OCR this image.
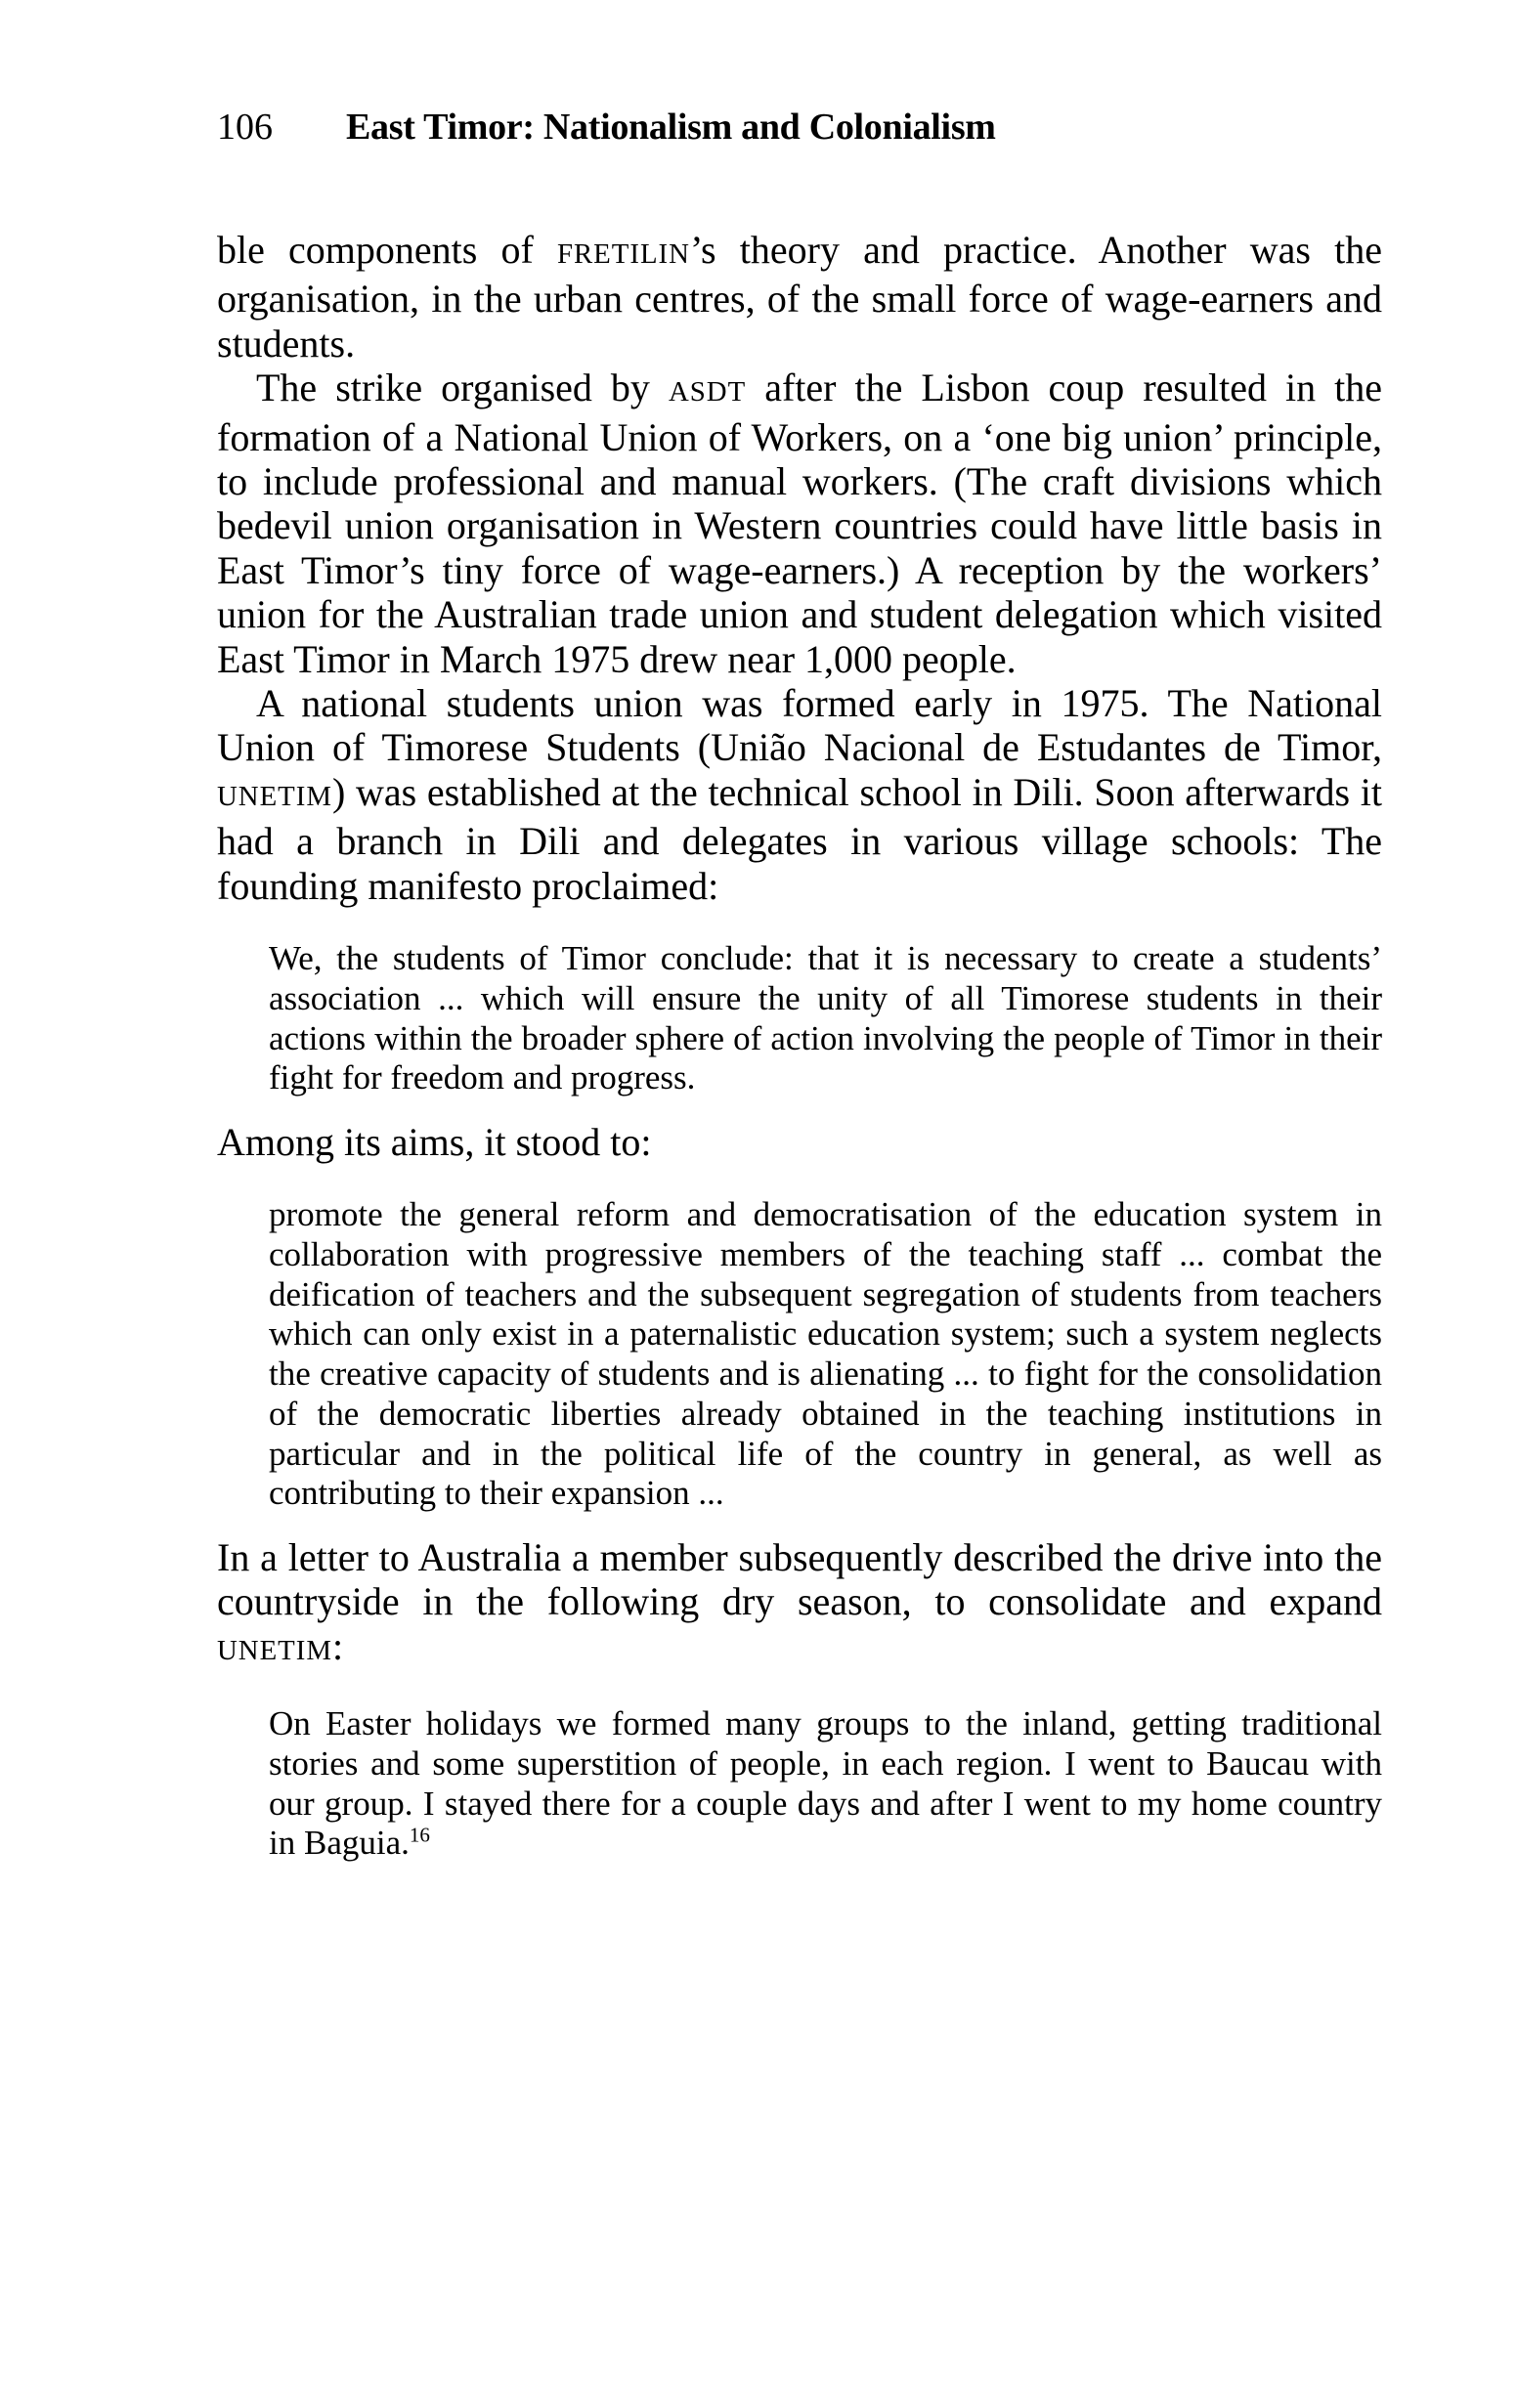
106 East Timor: Nationalism and Colonialism

ble components of FRETILIN’s theory and practice. Another was the organisation, in the urban centres, of the small force of wage-earners and students.

The strike organised by ASDT after the Lisbon coup resulted in the formation of a National Union of Workers, on a ‘one big union’ principle, to include professional and manual workers. (The craft divisions which bedevil union organisation in Western countries could have little basis in East Timor’s tiny force of wage-earners.) A reception by the workers’ union for the Australian trade union and student delegation which visited East Timor in March 1975 drew near 1,000 people.

A national students union was formed early in 1975. The National Union of Timorese Students (União Nacional de Estudantes de Timor, UNETIM) was established at the technical school in Dili. Soon afterwards it had a branch in Dili and delegates in various village schools: The founding manifesto proclaimed:

We, the students of Timor conclude: that it is necessary to create a students’ association ... which will ensure the unity of all Timorese students in their actions within the broader sphere of action involving the people of Timor in their fight for freedom and progress.

Among its aims, it stood to:

promote the general reform and democratisation of the education system in collaboration with progressive members of the teaching staff ... combat the deification of teachers and the subsequent segregation of students from teachers which can only exist in a paternalistic education system; such a system neglects the creative capacity of students and is alienating ... to fight for the consolidation of the democratic liberties already obtained in the teaching institutions in particular and in the political life of the country in general, as well as contributing to their expansion ...

In a letter to Australia a member subsequently described the drive into the countryside in the following dry season, to consolidate and expand UNETIM:

On Easter holidays we formed many groups to the inland, getting traditional stories and some superstition of people, in each region. I went to Baucau with our group. I stayed there for a couple days and after I went to my home country in Baguia.$^{16}$
